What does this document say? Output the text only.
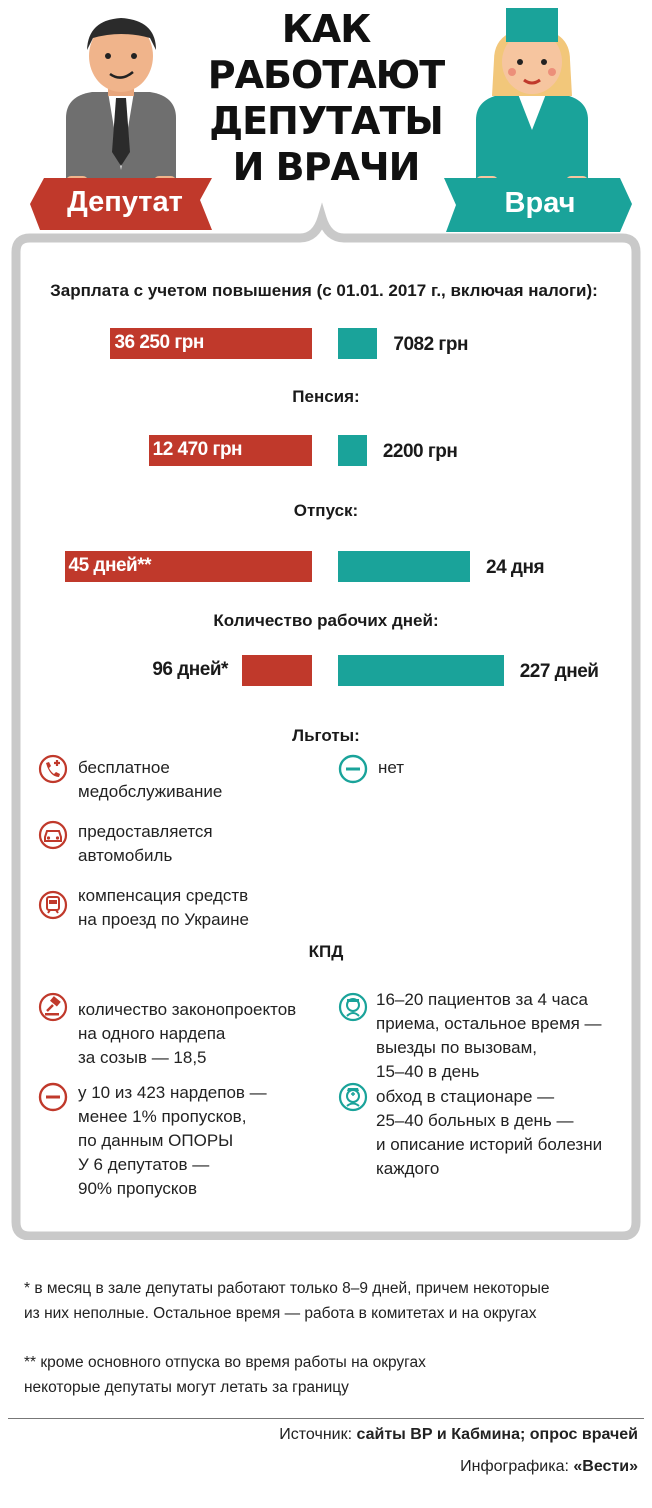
КАК
РАБОТАЮТ
ДЕПУТАТЫ
И ВРАЧИ
Депутат	Врач
Зарплата с учетом повышения (с 01.01. 2017 г., включая налоги):
Пенсия:
Отпуск:
Количество рабочих дней:
36 250 грн	7082 грн
12 470 грн	2200 грн
45 дней**	24 дня
96 дней*	227 дней
Льготы:
бесплатное
медобслуживание
нет
предоставляется
автомобиль
компенсация средств
на проезд по Украине
КПД
количество законопроектов
на одного нардепа
за созыв — 18,5
у 10 из 423 нардепов —
менее 1% пропусков,
по данным ОПОРЫ
У 6 депутатов —
90% пропусков
16–20 пациентов за 4 часа
приема, остальное время —
выезды по вызовам,
15–40 в день
обход в стационаре —
25–40 больных в день —
и описание историй болезни
каждого
* в месяц в зале депутаты работают только 8–9 дней, причем некоторые
из них неполные. Остальное время — работа в комитетах и на округах
** кроме основного отпуска во время работы на округах
некоторые депутаты могут летать за границу
Источник: сайты ВР и Кабмина; опрос врачей
Инфографика: «Вести»
